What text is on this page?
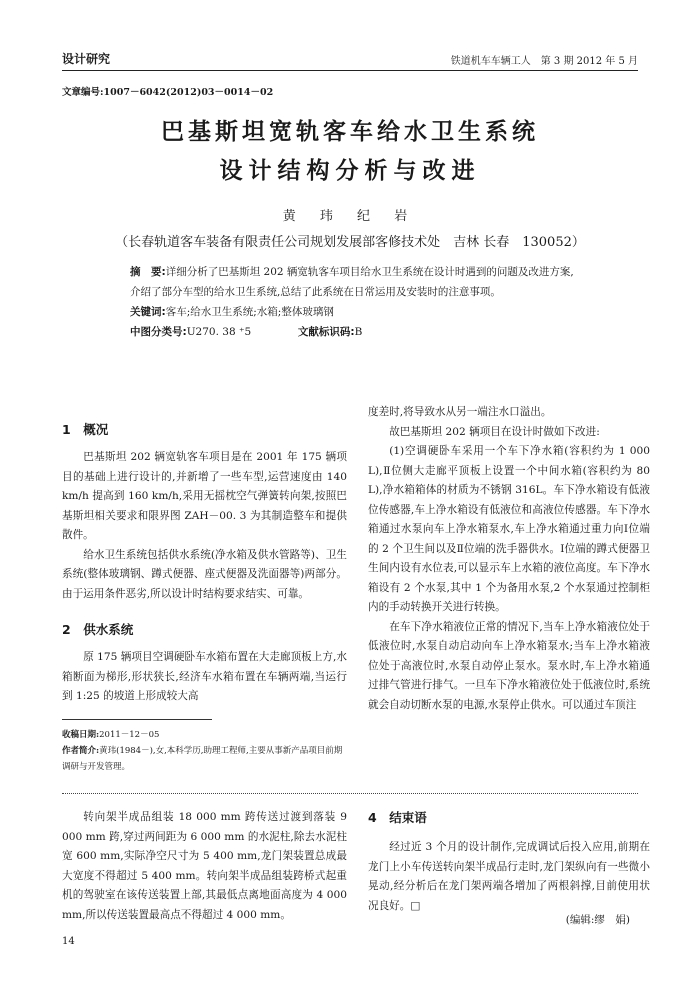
设计研究	铁道机车车辆工人　第 3 期 2012 年 5 月
文章编号:1007－6042(2012)03－0014－02
巴基斯坦宽轨客车给水卫生系统
设计结构分析与改进
黄 玮 纪 岩
（长春轨道客车装备有限责任公司规划发展部客修技术处　吉林 长春　130052）
摘　要:详细分析了巴基斯坦 202 辆宽轨客车项目给水卫生系统在设计时遇到的问题及改进方案,介绍了部分车型的给水卫生系统,总结了此系统在日常运用及安装时的注意事项。
关键词:客车;给水卫生系统;水箱;整体玻璃钢
中图分类号:U270. 38 ⁺5	文献标识码:B
1　概况

巴基斯坦 202 辆宽轨客车项目是在 2001 年 175 辆项目的基础上进行设计的,并新增了一些车型,运营速度由 140 km/h 提高到 160 km/h,采用无摇枕空气弹簧转向架,按照巴基斯坦相关要求和限界图 ZAH－00. 3 为其制造整车和提供散件。

给水卫生系统包括供水系统(净水箱及供水管路等)、卫生系统(整体玻璃钢、蹲式便器、座式便器及洗面器等)两部分。由于运用条件恶劣,所以设计时结构要求结实、可靠。

2　供水系统

原 175 辆项目空调硬卧车水箱布置在大走廊顶板上方,水箱断面为梯形,形状狭长,经济车水箱布置在车辆两端,当运行到 1:25 的坡道上形成较大高

收稿日期:2011－12－05
作者简介:黄玮(1984－),女,本科学历,助理工程师,主要从事新产品项目前期调研与开发管理。

度差时,将导致水从另一端注水口溢出。

故巴基斯坦 202 辆项目在设计时做如下改进:

(1)空调硬卧车采用一个车下净水箱(容积约为 1 000 L),Ⅱ位侧大走廊平顶板上设置一个中间水箱(容积约为 80 L),净水箱箱体的材质为不锈钢 316L。车下净水箱设有低液位传感器,车上净水箱设有低液位和高液位传感器。车下净水箱通过水泵向车上净水箱泵水,车上净水箱通过重力向Ⅰ位端的 2 个卫生间以及Ⅱ位端的洗手器供水。Ⅰ位端的蹲式便器卫生间内设有水位表,可以显示车上水箱的液位高度。车下净水箱设有 2 个水泵,其中 1 个为备用水泵,2 个水泵通过控制柜内的手动转换开关进行转换。

在车下净水箱液位正常的情况下,当车上净水箱液位处于低液位时,水泵自动启动向车上净水箱泵水;当车上净水箱液位处于高液位时,水泵自动停止泵水。泵水时,车上净水箱通过排气管进行排气。一旦车下净水箱液位处于低液位时,系统就会自动切断水泵的电源,水泵停止供水。可以通过车顶注

转向架半成品组装 18 000 mm 跨传送过渡到落装 9 000 mm 跨,穿过两间距为 6 000 mm 的水泥柱,除去水泥柱宽 600 mm,实际净空尺寸为 5 400 mm,龙门架装置总成最大宽度不得超过 5 400 mm。转向架半成品组装跨桥式起重机的驾驶室在该传送装置上部,其最低点离地面高度为 4 000 mm,所以传送装置最高点不得超过 4 000 mm。

4　结束语

经过近 3 个月的设计制作,完成调试后投入应用,前期在龙门上小车传送转向架半成品行走时,龙门架纵向有一些微小晃动,经分析后在龙门架两端各增加了两根斜撑,目前使用状况良好。□

(编辑:缪　娟)
14
